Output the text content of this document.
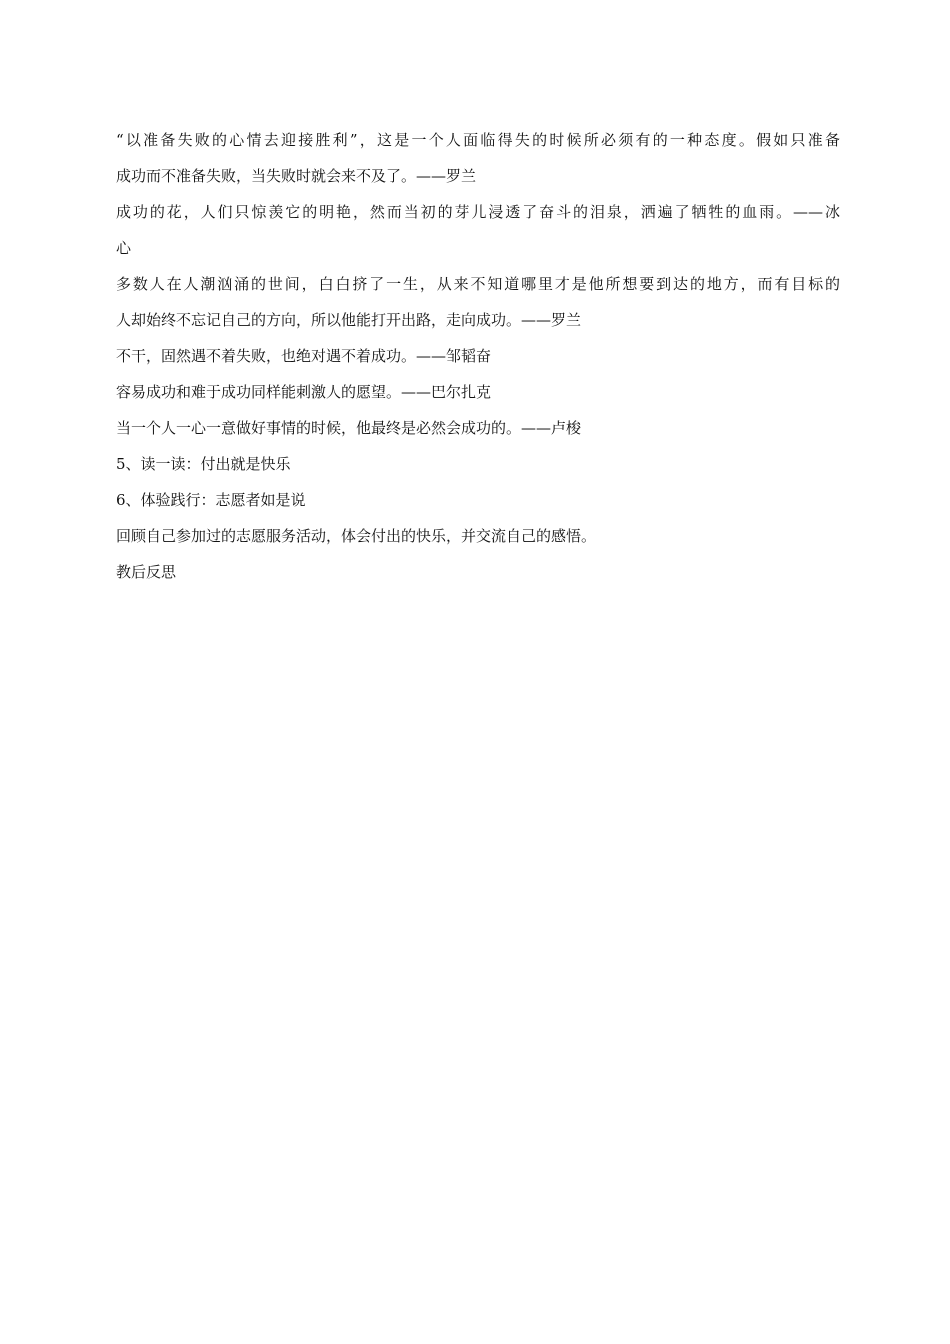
“以准备失败的心情去迎接胜利”，这是一个人面临得失的时候所必须有的一种态度。假如只准备
成功而不准备失败，当失败时就会来不及了。——罗兰
成功的花，人们只惊羡它的明艳，然而当初的芽儿浸透了奋斗的泪泉，洒遍了牺牲的血雨。——冰
心
多数人在人潮汹涌的世间，白白挤了一生，从来不知道哪里才是他所想要到达的地方，而有目标的
人却始终不忘记自己的方向，所以他能打开出路，走向成功。——罗兰
不干，固然遇不着失败，也绝对遇不着成功。——邹韬奋
容易成功和难于成功同样能刺激人的愿望。——巴尔扎克
当一个人一心一意做好事情的时候，他最终是必然会成功的。——卢梭
5、读一读：付出就是快乐
6、体验践行：志愿者如是说
回顾自己参加过的志愿服务活动，体会付出的快乐，并交流自己的感悟。
教后反思
